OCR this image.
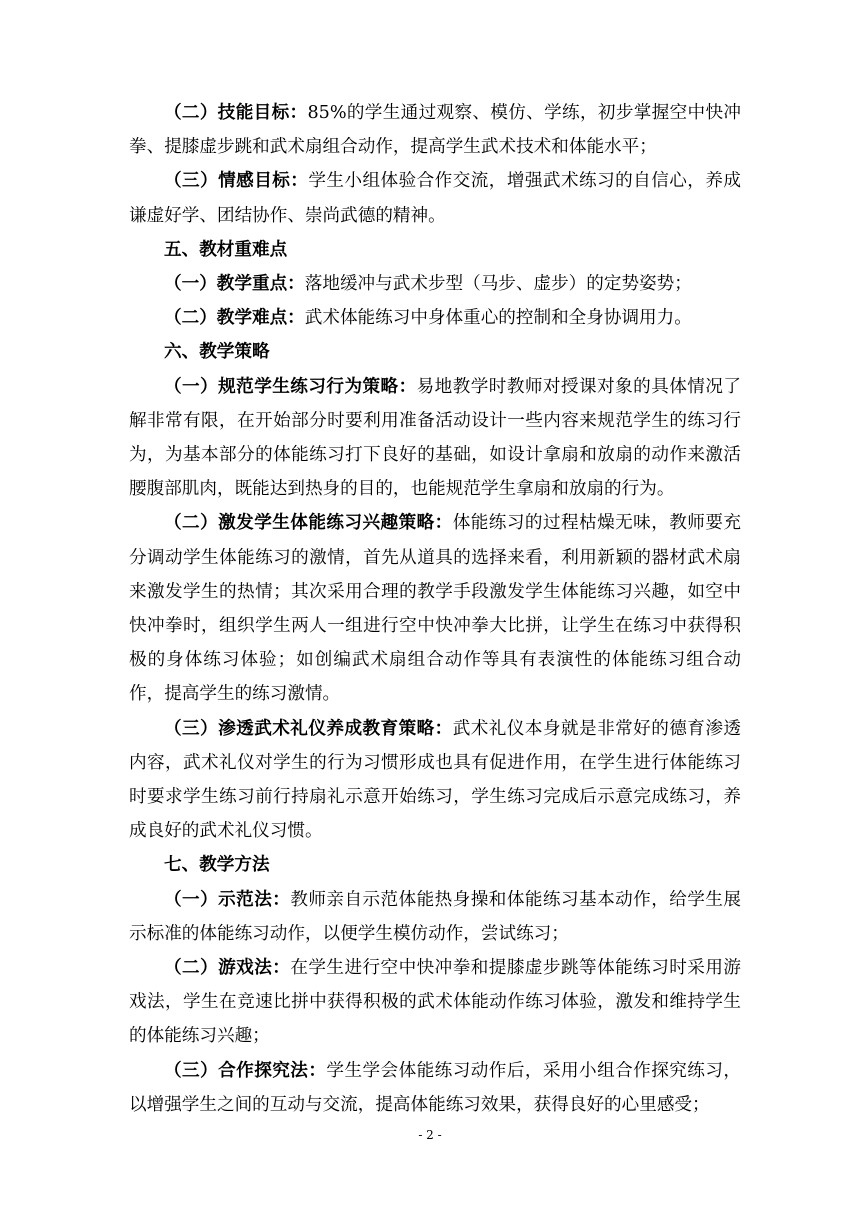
（二）技能目标：85%的学生通过观察、模仿、学练，初步掌握空中快冲拳、提膝虚步跳和武术扇组合动作，提高学生武术技术和体能水平；

（三）情感目标：学生小组体验合作交流，增强武术练习的自信心，养成谦虚好学、团结协作、崇尚武德的精神。

五、教材重难点

（一）教学重点：落地缓冲与武术步型（马步、虚步）的定势姿势；

（二）教学难点：武术体能练习中身体重心的控制和全身协调用力。

六、教学策略

（一）规范学生练习行为策略：易地教学时教师对授课对象的具体情况了解非常有限，在开始部分时要利用准备活动设计一些内容来规范学生的练习行为，为基本部分的体能练习打下良好的基础，如设计拿扇和放扇的动作来激活腰腹部肌肉，既能达到热身的目的，也能规范学生拿扇和放扇的行为。

（二）激发学生体能练习兴趣策略：体能练习的过程枯燥无味，教师要充分调动学生体能练习的激情，首先从道具的选择来看，利用新颖的器材武术扇来激发学生的热情；其次采用合理的教学手段激发学生体能练习兴趣，如空中快冲拳时，组织学生两人一组进行空中快冲拳大比拼，让学生在练习中获得积极的身体练习体验；如创编武术扇组合动作等具有表演性的体能练习组合动作，提高学生的练习激情。

（三）渗透武术礼仪养成教育策略：武术礼仪本身就是非常好的德育渗透内容，武术礼仪对学生的行为习惯形成也具有促进作用，在学生进行体能练习时要求学生练习前行持扇礼示意开始练习，学生练习完成后示意完成练习，养成良好的武术礼仪习惯。

七、教学方法

（一）示范法：教师亲自示范体能热身操和体能练习基本动作，给学生展示标准的体能练习动作，以便学生模仿动作，尝试练习；

（二）游戏法：在学生进行空中快冲拳和提膝虚步跳等体能练习时采用游戏法，学生在竞速比拼中获得积极的武术体能动作练习体验，激发和维持学生的体能练习兴趣；

（三）合作探究法：学生学会体能练习动作后，采用小组合作探究练习，以增强学生之间的互动与交流，提高体能练习效果，获得良好的心里感受；

- 2 -
